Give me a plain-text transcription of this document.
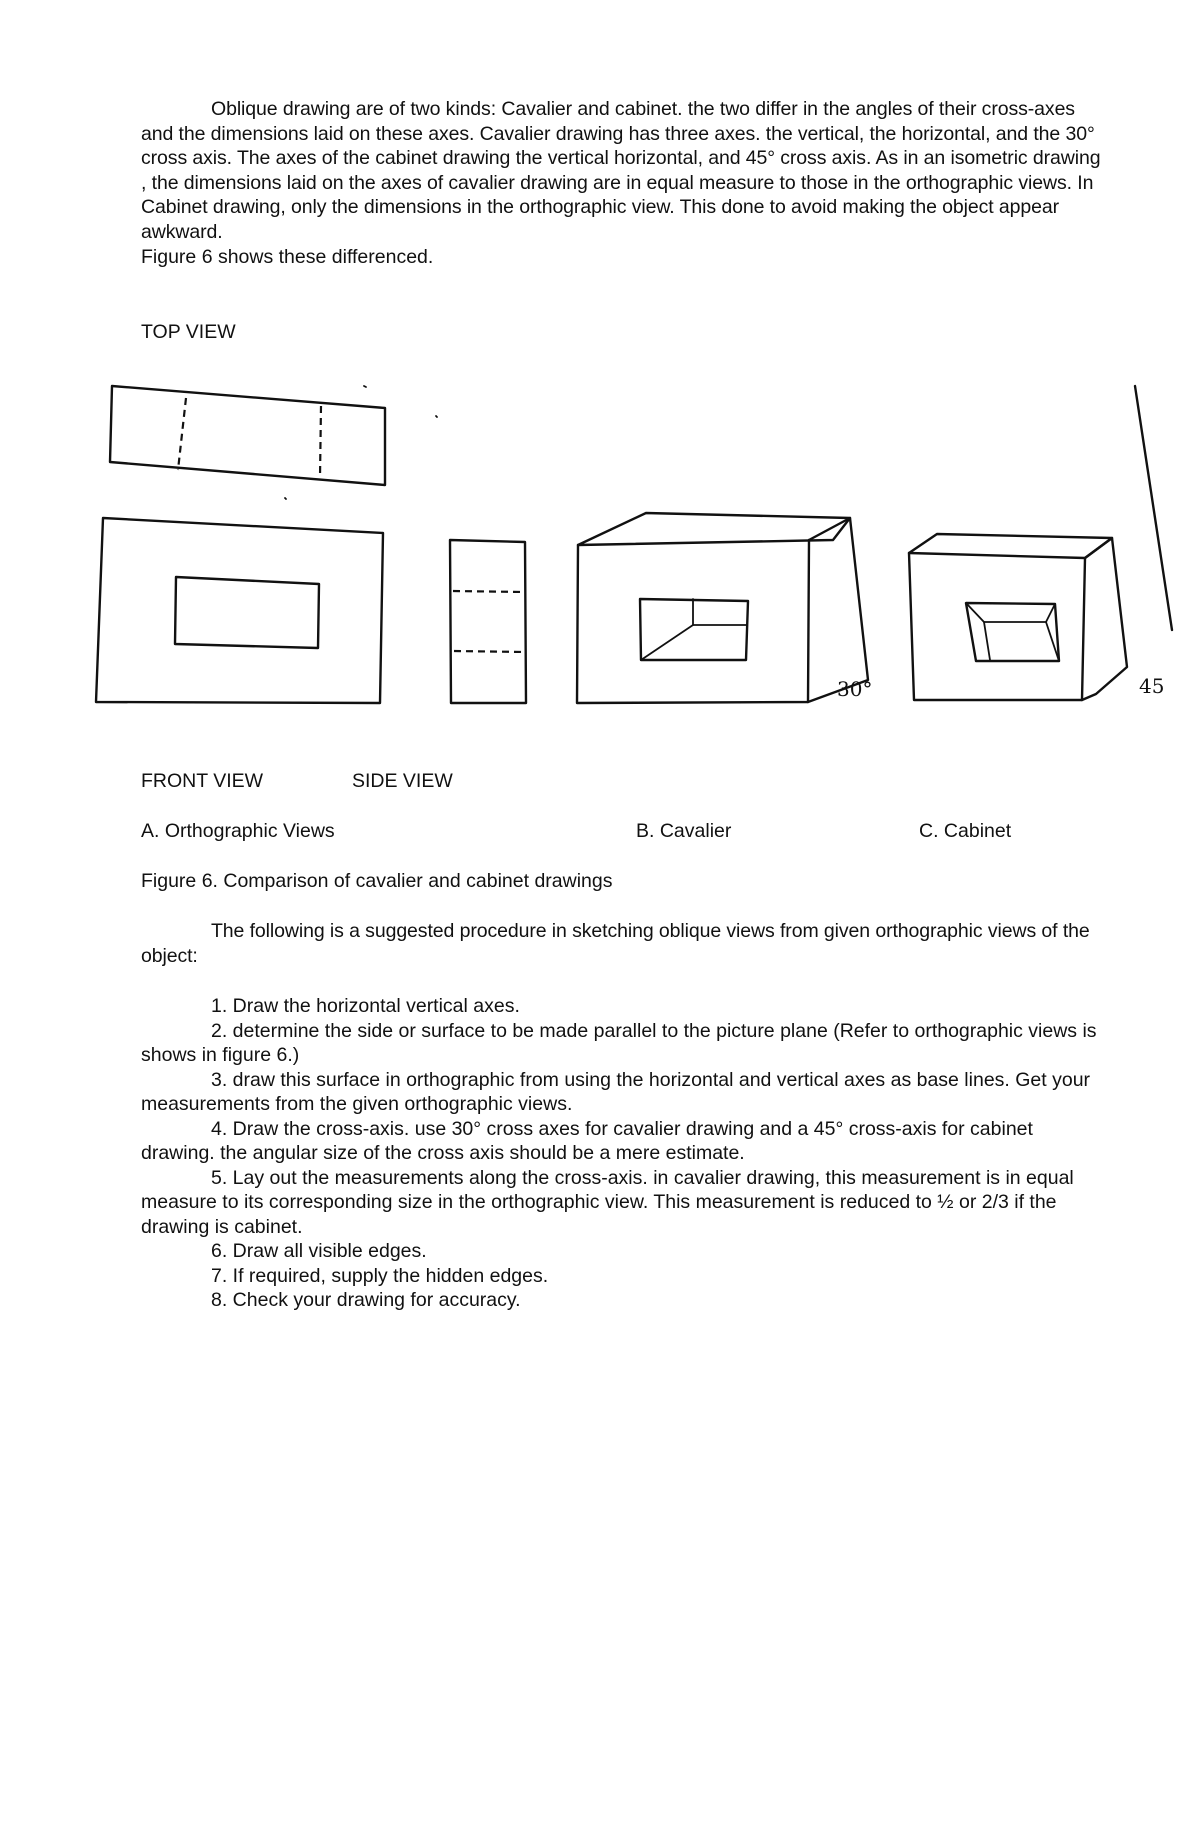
Oblique drawing are of two kinds: Cavalier and cabinet. the two differ in the angles of their cross-axes and the dimensions laid on these axes. Cavalier drawing has three axes. the vertical, the horizontal, and the 30° cross axis. The axes of the cabinet drawing the vertical horizontal, and 45° cross axis. As in an isometric drawing , the dimensions laid on the axes of cavalier drawing are in equal measure to those in the orthographic views. In Cabinet drawing, only the dimensions in the orthographic view. This done to avoid making the object appear awkward.
Figure 6 shows these differenced.
TOP VIEW
30°	45
FRONT VIEW	SIDE VIEW
A. Orthographic Views	B. Cavalier	C. Cabinet
Figure 6. Comparison of cavalier and cabinet drawings
The following is a suggested procedure in sketching oblique views from given orthographic views of the object:
1. Draw the horizontal vertical axes.
2. determine the side or surface to be made parallel to the picture plane (Refer to orthographic views is shows in figure 6.)
3. draw this surface in orthographic from using the horizontal and vertical axes as base lines. Get your measurements from the given orthographic views.
4. Draw the cross-axis. use 30° cross axes for cavalier drawing and a 45° cross-axis for cabinet drawing. the angular size of the cross axis should be a mere estimate.
5. Lay out the measurements along the cross-axis. in cavalier drawing, this measurement is in equal measure to its corresponding size in the orthographic view. This measurement is reduced to ½ or 2/3 if the drawing is cabinet.
6. Draw all visible edges.
7. If required, supply the hidden edges.
8. Check your drawing for accuracy.
